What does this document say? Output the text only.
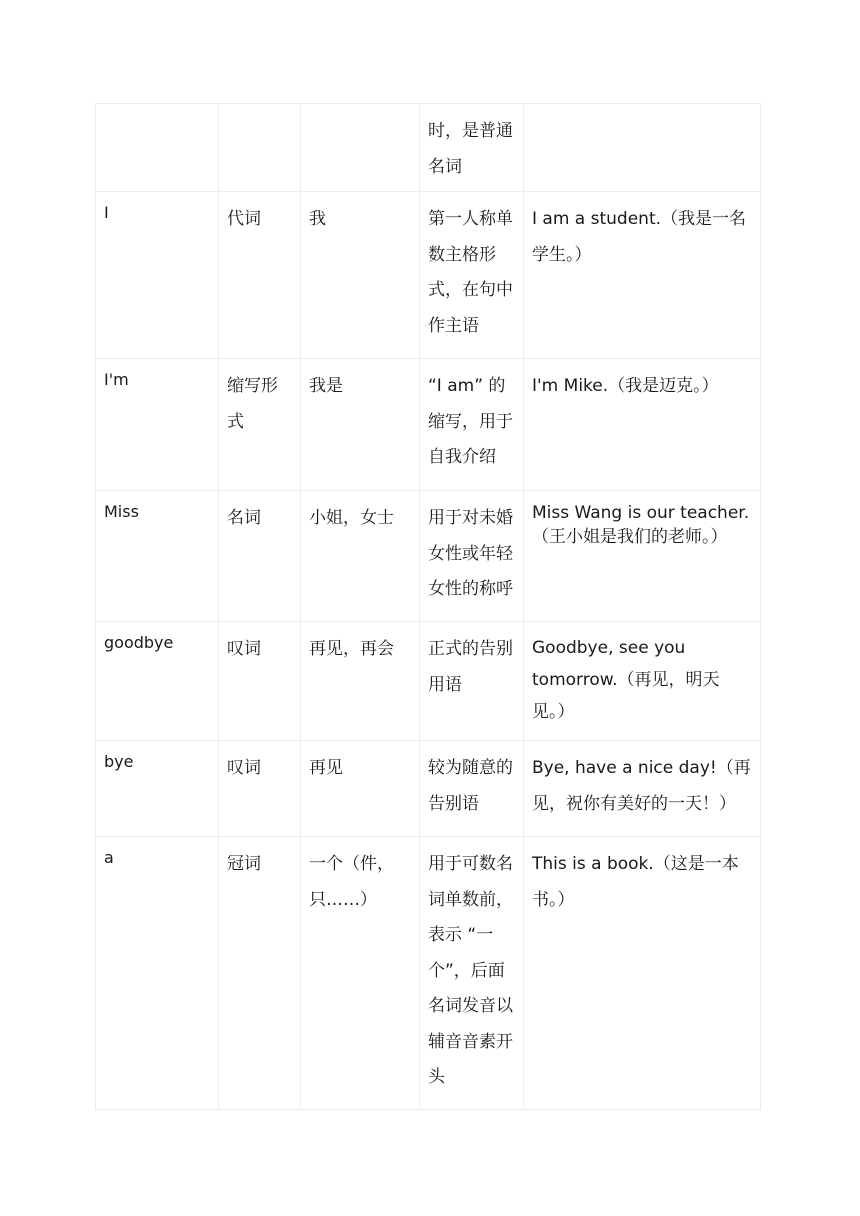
			时，是普通名词	

I	代词	我	第一人称单数主格形式，在句中作主语	I am a student.（我是一名学生。）

I'm	缩写形式	我是	“I am” 的缩写，用于自我介绍	I'm Mike.（我是迈克。）

Miss	名词	小姐，女士	用于对未婚女性或年轻女性的称呼	Miss Wang is our teacher.（王小姐是我们的老师。）

goodbye	叹词	再见，再会	正式的告别用语	Goodbye, see you tomorrow.（再见，明天见。）

bye	叹词	再见	较为随意的告别语	Bye, have a nice day!（再见，祝你有美好的一天！）

a	冠词	一个（件，只……）	用于可数名词单数前，表示 “一个”，后面名词发音以辅音音素开头	This is a book.（这是一本书。）
